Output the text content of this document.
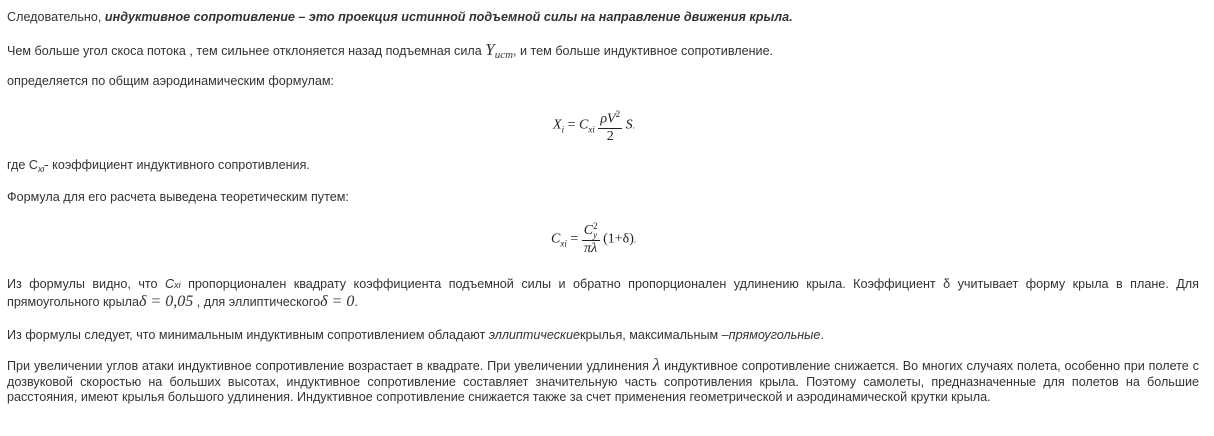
Следовательно, индуктивное сопротивление – это проекция истинной подъемной силы на направление движения крыла.
Чем больше угол скоса потока , тем сильнее отклоняется назад подъемная сила Yucm, и тем больше индуктивное сопротивление.
определяется по общим аэродинамическим формулам:
$X_i = C_{xi} \frac{\rho V^2}{2} S$.
где $C_{xi}-$ коэффициент индуктивного сопротивления.
Формула для его расчета выведена теоретическим путем:
$C_{xi} = C$ 2
y
πλ (1+δ).
Из формулы видно, что Cxi пропорционален квадрату коэффициента подъемной силы и обратно пропорционален удлинению крыла. Коэффициент δ учитывает форму крыла в плане. Для прямоугольного крылаδ = 0,05 , для эллиптическогоδ = 0.
Из формулы следует, что минимальным индуктивным сопротивлением обладают эллиптическиекрылья, максимальным –прямоугольные.
При увеличении углов атаки индуктивное сопротивление возрастает в квадрате. При увеличении удлинения λ индуктивное сопротивление снижается. Во многих случаях полета, особенно при полете с дозвуковой скоростью на больших высотах, индуктивное сопротивление составляет значительную часть сопротивления крыла. Поэтому самолеты, предназначенные для полетов на большие расстояния, имеют крылья большого удлинения. Индуктивное сопротивление снижается также за счет применения геометрической и аэродинамической крутки крыла.
